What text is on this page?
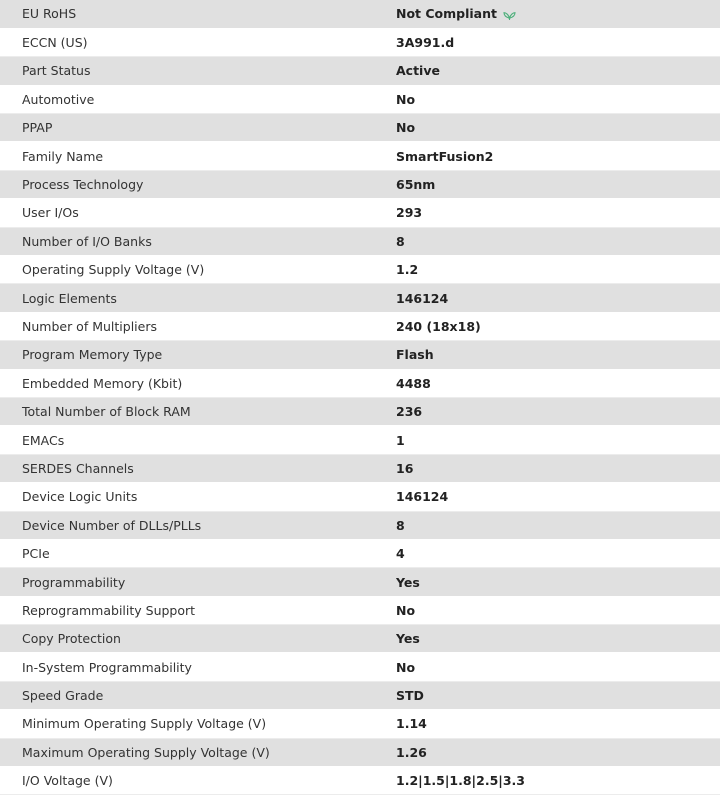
EU RoHS	Not Compliant
ECCN (US)	3A991.d
Part Status	Active
Automotive	No
PPAP	No
Family Name	SmartFusion2
Process Technology	65nm
User I/Os	293
Number of I/O Banks	8
Operating Supply Voltage (V)	1.2
Logic Elements	146124
Number of Multipliers	240 (18x18)
Program Memory Type	Flash
Embedded Memory (Kbit)	4488
Total Number of Block RAM	236
EMACs	1
SERDES Channels	16
Device Logic Units	146124
Device Number of DLLs/PLLs	8
PCIe	4
Programmability	Yes
Reprogrammability Support	No
Copy Protection	Yes
In-System Programmability	No
Speed Grade	STD
Minimum Operating Supply Voltage (V)	1.14
Maximum Operating Supply Voltage (V)	1.26
I/O Voltage (V)	1.2|1.5|1.8|2.5|3.3
